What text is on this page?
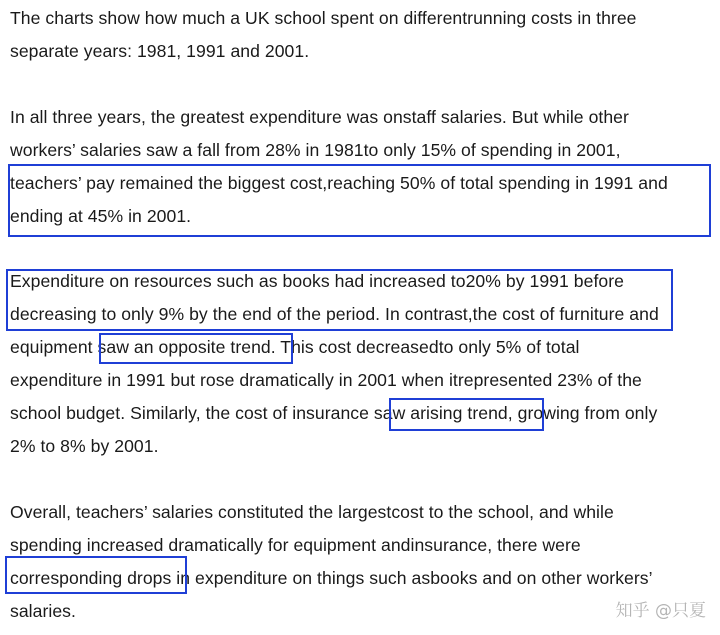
The charts show how much a UK school spent on differentrunning costs in three
separate years: 1981, 1991 and 2001.
In all three years, the greatest expenditure was onstaff salaries. But while other
workers’ salaries saw a fall from 28% in 1981to only 15% of spending in 2001,
teachers’ pay remained the biggest cost,reaching 50% of total spending in 1991 and
ending at 45% in 2001.
Expenditure on resources such as books had increased to20% by 1991 before
decreasing to only 9% by the end of the period. In contrast,the cost of furniture and
equipment saw an opposite trend. This cost decreasedto only 5% of total
expenditure in 1991 but rose dramatically in 2001 when itrepresented 23% of the
school budget. Similarly, the cost of insurance saw arising trend, growing from only
2% to 8% by 2001.
Overall, teachers’ salaries constituted the largestcost to the school, and while
spending increased dramatically for equipment andinsurance, there were
corresponding drops in expenditure on things such asbooks and on other workers’
salaries.	知乎 @只夏
